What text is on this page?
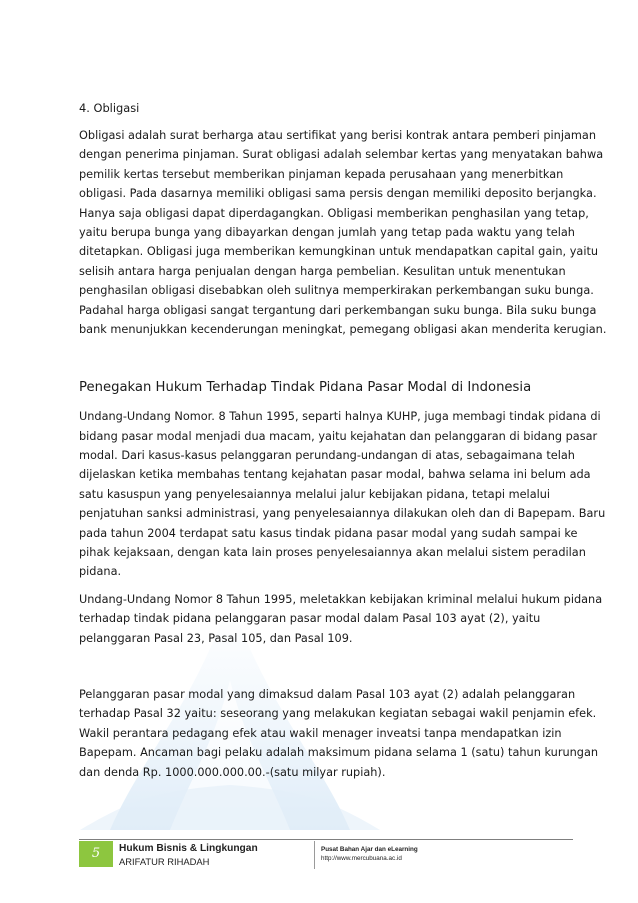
4. Obligasi

Obligasi adalah surat berharga atau sertifikat yang berisi kontrak antara pemberi pinjaman
dengan penerima pinjaman. Surat obligasi adalah selembar kertas yang menyatakan bahwa
pemilik kertas tersebut memberikan pinjaman kepada perusahaan yang menerbitkan
obligasi. Pada dasarnya memiliki obligasi sama persis dengan memiliki deposito berjangka.
Hanya saja obligasi dapat diperdagangkan. Obligasi memberikan penghasilan yang tetap,
yaitu berupa bunga yang dibayarkan dengan jumlah yang tetap pada waktu yang telah
ditetapkan. Obligasi juga memberikan kemungkinan untuk mendapatkan capital gain, yaitu
selisih antara harga penjualan dengan harga pembelian. Kesulitan untuk menentukan
penghasilan obligasi disebabkan oleh sulitnya memperkirakan perkembangan suku bunga.
Padahal harga obligasi sangat tergantung dari perkembangan suku bunga. Bila suku bunga
bank menunjukkan kecenderungan meningkat, pemegang obligasi akan menderita kerugian.

Penegakan Hukum Terhadap Tindak Pidana Pasar Modal di Indonesia

Undang-Undang Nomor. 8 Tahun 1995, separti halnya KUHP, juga membagi tindak pidana di
bidang pasar modal menjadi dua macam, yaitu kejahatan dan pelanggaran di bidang pasar
modal. Dari kasus-kasus pelanggaran perundang-undangan di atas, sebagaimana telah
dijelaskan ketika membahas tentang kejahatan pasar modal, bahwa selama ini belum ada
satu kasuspun yang penyelesaiannya melalui jalur kebijakan pidana, tetapi melalui
penjatuhan sanksi administrasi, yang penyelesaiannya dilakukan oleh dan di Bapepam. Baru
pada tahun 2004 terdapat satu kasus tindak pidana pasar modal yang sudah sampai ke
pihak kejaksaan, dengan kata lain proses penyelesaiannya akan melalui sistem peradilan
pidana.
Undang-Undang Nomor 8 Tahun 1995, meletakkan kebijakan kriminal melalui hukum pidana
terhadap tindak pidana pelanggaran pasar modal dalam Pasal 103 ayat (2), yaitu
pelanggaran Pasal 23, Pasal 105, dan Pasal 109.
Pelanggaran pasar modal yang dimaksud dalam Pasal 103 ayat (2) adalah pelanggaran
terhadap Pasal 32 yaitu: seseorang yang melakukan kegiatan sebagai wakil penjamin efek.
Wakil perantara pedagang efek atau wakil menager inveatsi tanpa mendapatkan izin
Bapepam. Ancaman bagi pelaku adalah maksimum pidana selama 1 (satu) tahun kurungan
dan denda Rp. 1000.000.000.00.-(satu milyar rupiah).
5	Hukum Bisnis & Lingkungan
ARIFATUR RIHADAH
Pusat Bahan Ajar dan eLearning
http://www.mercubuana.ac.id
